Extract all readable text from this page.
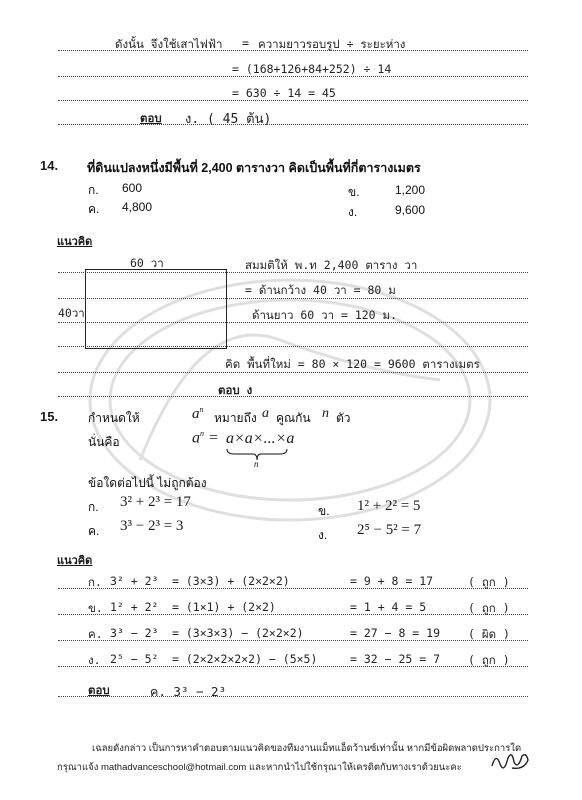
ดังนั้น จึงใช้เสาไฟฟ้า = ความยาวรอบรูป ÷ ระยะห่าง
= (168+126+84+252) ÷ 14
= 630 ÷ 14 = 45
ตอบ ง. ( 45 ต้น)
14. ที่ดินแปลงหนึ่งมีพื้นที่ 2,400 ตารางวา คิดเป็นพื้นที่กี่ตารางเมตร
ก. 600	ข.	1,200
ค. 4,800	ง.	9,600
แนวคิด
60 วา
40วา
สมมติให้ พ.ท 2,400 ตาราง วา
= ด้านกว้าง 40 วา = 80 ม
ด้านยาว 60 วา = 120 ม.
คิด พื้นที่ใหม่ = 80 × 120 = 9600 ตารางเมตร
ตอบ ง
15. กำหนดให้	$a^n$
หมายถึง a คูณกัน n ตัว
นั่นคือ	$a^n = a\times a\times...\times a$
n
ข้อใดต่อไปนี้ ไม่ถูกต้อง
ก. 3² + 2³ = 17
ข. 1² + 2² = 5
ค. 3³ − 2³ = 3
ง. 2⁵ − 5² = 7
แนวคิด
ก. 3² + 2³ = (3×3) + (2×2×2)	= 9 + 8 = 17	( ถูก )
ข. 1² + 2² = (1×1) + (2×2)	= 1 + 4 = 5	( ถูก )
ค. 3³ − 2³ = (3×3×3) − (2×2×2)	= 27 − 8 = 19 ( ผิด )
ง. 2⁵ − 5² = (2×2×2×2×2) − (5×5)	= 32 − 25 = 7 ( ถูก )
ตอบ	ค. 3³ − 2³
เฉลยดังกล่าว เป็นการหาคำตอบตามแนวคิดของทีมงานแม็ทแอ็ดว้านซ์เท่านั้น หากมีข้อผิดพลาดประการใด
กรุณาแจ้ง mathadvanceschool@hotmail.com และหากนำไปใช้กรุณาให้เครดิตกับทางเราด้วยนะคะ
